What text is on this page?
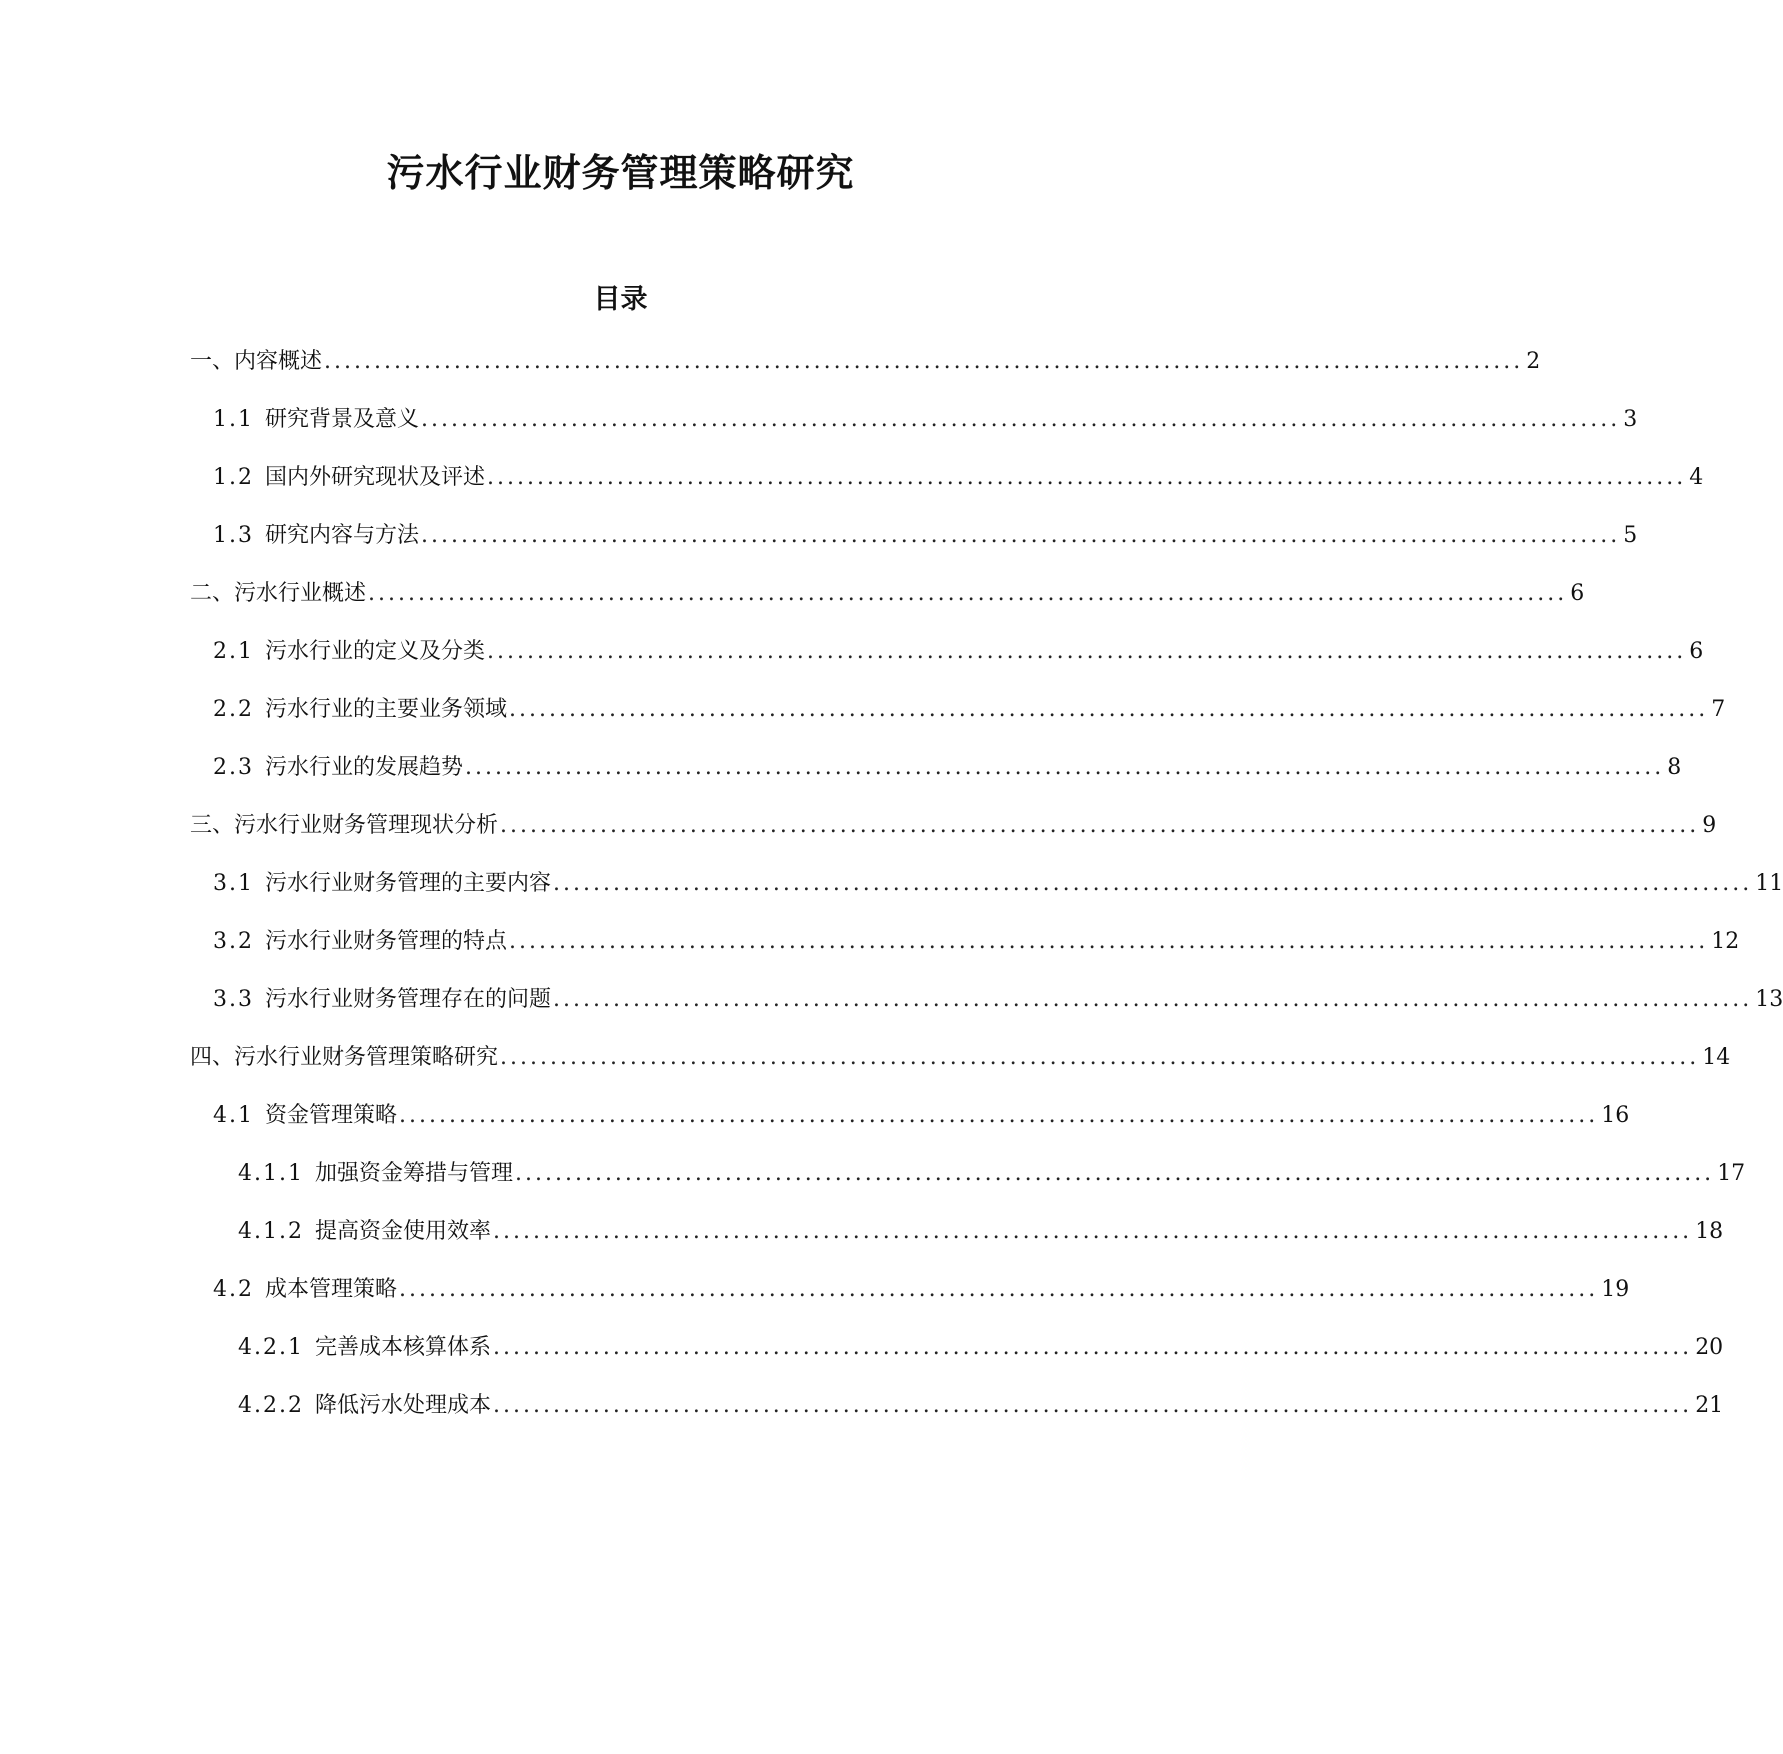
污水行业财务管理策略研究
目录
一、内容概述 ........................................................................................................................ 2
1.1 研究背景及意义 ........................................................................................................................ 3
1.2 国内外研究现状及评述 ........................................................................................................................ 4
1.3 研究内容与方法 ........................................................................................................................ 5
二、污水行业概述 ........................................................................................................................ 6
2.1 污水行业的定义及分类 ........................................................................................................................ 6
2.2 污水行业的主要业务领域 ........................................................................................................................ 7
2.3 污水行业的发展趋势 ........................................................................................................................ 8
三、污水行业财务管理现状分析 ........................................................................................................................ 9
3.1 污水行业财务管理的主要内容 ........................................................................................................................ 11
3.2 污水行业财务管理的特点 ........................................................................................................................ 12
3.3 污水行业财务管理存在的问题 ........................................................................................................................ 13
四、污水行业财务管理策略研究 ........................................................................................................................ 14
4.1 资金管理策略 ........................................................................................................................ 16
4.1.1 加强资金筹措与管理 ........................................................................................................................ 17
4.1.2 提高资金使用效率 ........................................................................................................................ 18
4.2 成本管理策略 ........................................................................................................................ 19
4.2.1 完善成本核算体系 ........................................................................................................................ 20
4.2.2 降低污水处理成本 ........................................................................................................................ 21
